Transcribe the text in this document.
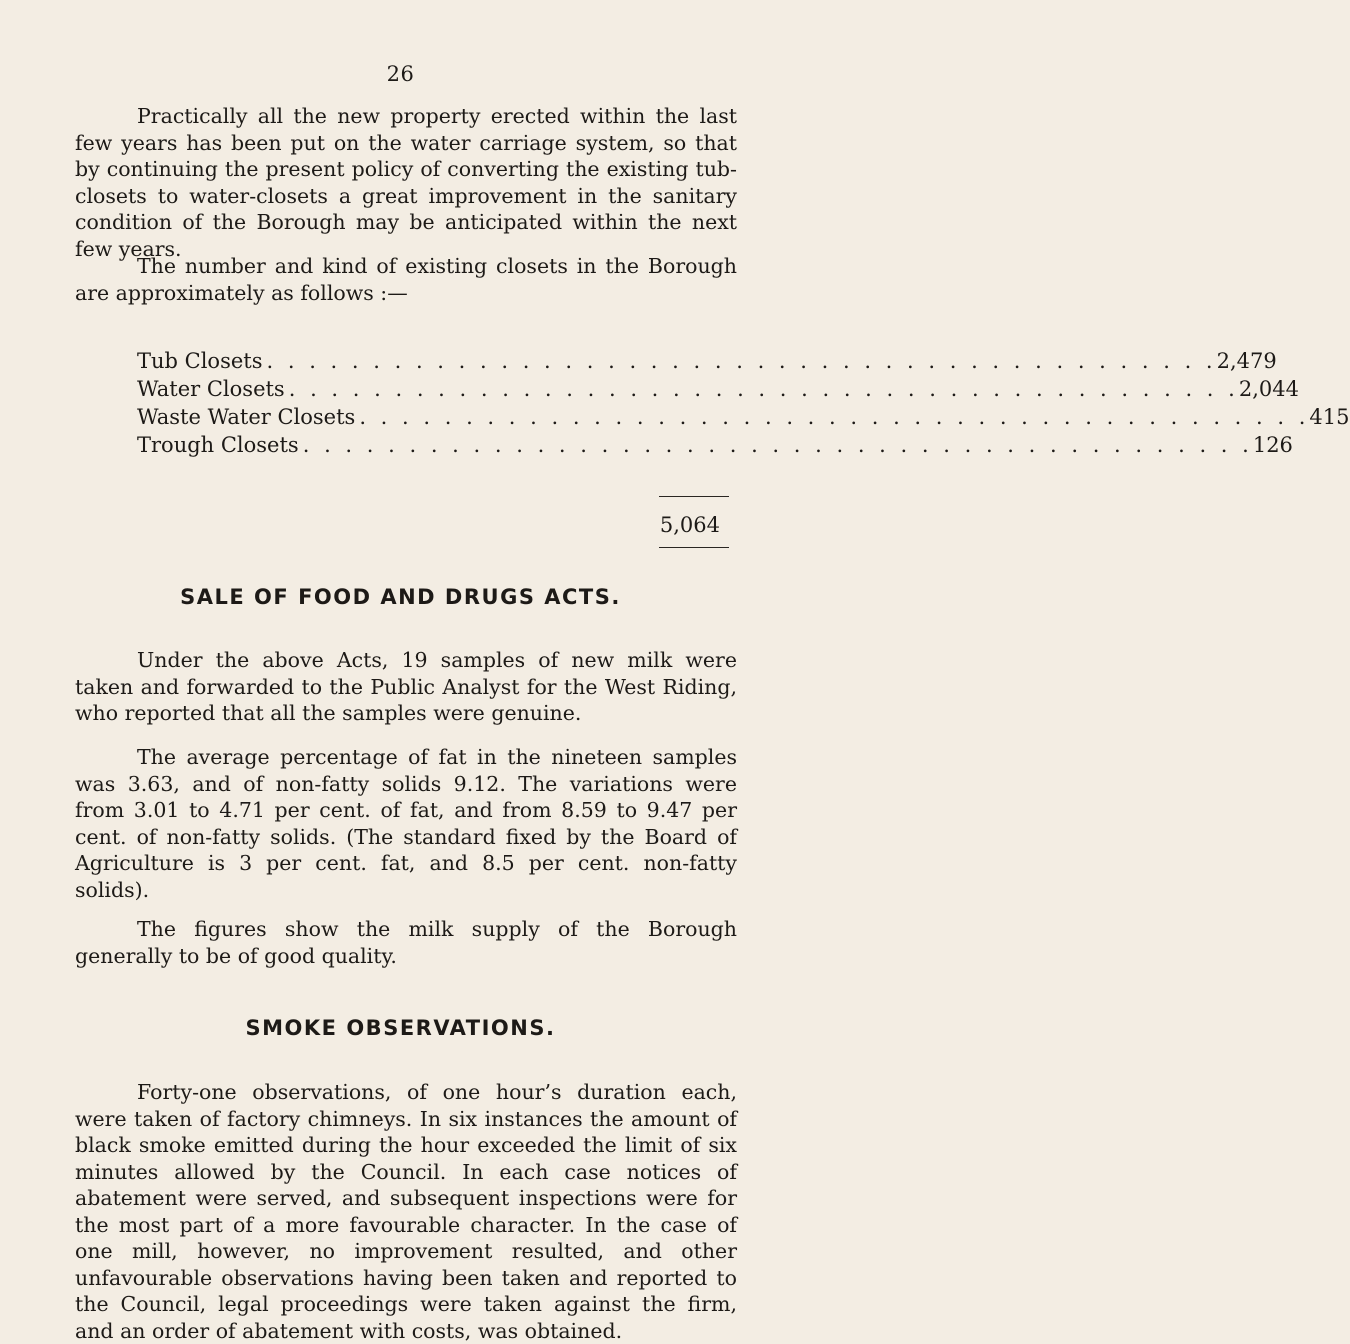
26

Practically all the new property erected within the last few years has been put on the water carriage system, so that by continuing the present policy of converting the existing tub-closets to water-closets a great improvement in the sanitary condition of the Borough may be anticipated within the next few years.

The number and kind of existing closets in the Borough are approximately as follows :—

Tub Closets . . . . . . . . . . . . . . . . . . . . . . . . . . . . . . . . . . . . . . . . . . . . . 2,479
Water Closets . . . . . . . . . . . . . . . . . . . . . . . . . . . . . . . . . . . . . . . . . . . . . 2,044
Waste Water Closets . . . . . . . . . . . . . . . . . . . . . . . . . . . . . . . . . . . . . . . . . . . . . 415
Trough Closets . . . . . . . . . . . . . . . . . . . . . . . . . . . . . . . . . . . . . . . . . . . . . 126
5,064
SALE OF FOOD AND DRUGS ACTS.

Under the above Acts, 19 samples of new milk were taken and forwarded to the Public Analyst for the West Riding, who reported that all the samples were genuine.

The average percentage of fat in the nineteen samples was 3.63, and of non-fatty solids 9.12. The variations were from 3.01 to 4.71 per cent. of fat, and from 8.59 to 9.47 per cent. of non-fatty solids. (The standard fixed by the Board of Agriculture is 3 per cent. fat, and 8.5 per cent. non-fatty solids).

The figures show the milk supply of the Borough generally to be of good quality.

SMOKE OBSERVATIONS.

Forty-one observations, of one hour’s duration each, were taken of factory chimneys. In six instances the amount of black smoke emitted during the hour exceeded the limit of six minutes allowed by the Council. In each case notices of abatement were served, and subsequent inspections were for the most part of a more favourable character. In the case of one mill, however, no improvement resulted, and other unfavourable observations having been taken and reported to the Council, legal proceedings were taken against the firm, and an order of abatement with costs, was obtained.
